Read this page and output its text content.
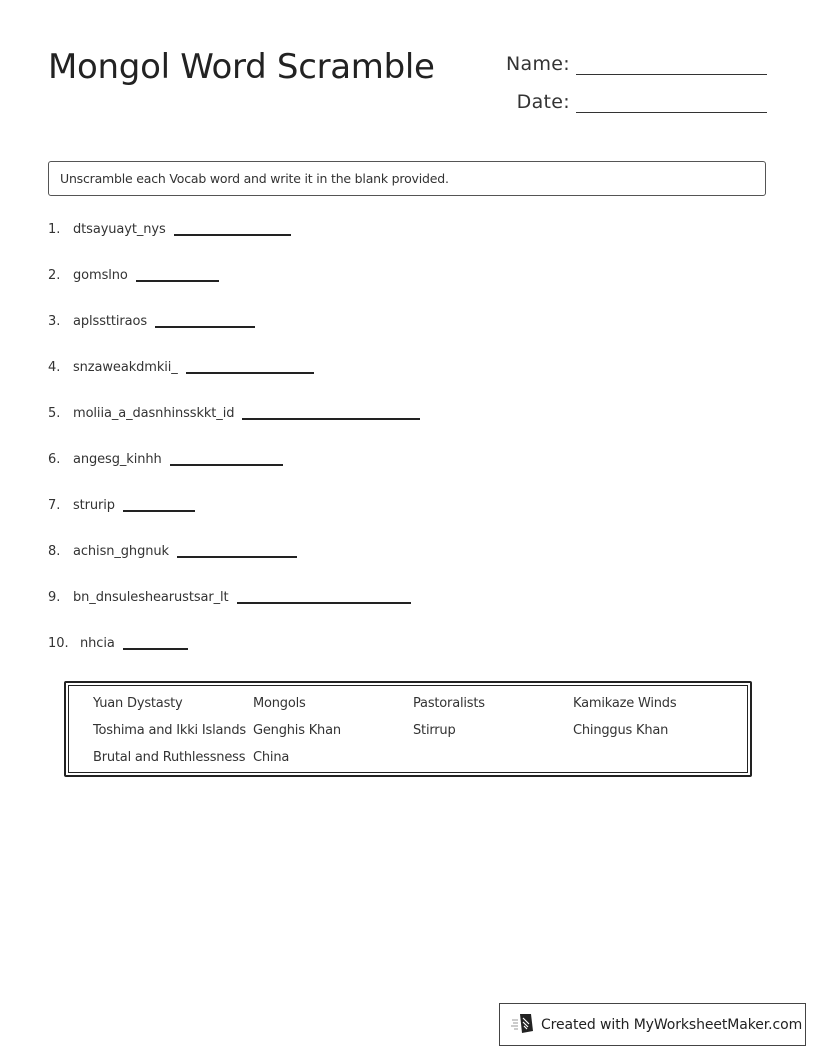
Mongol Word Scramble	Name:
Date:
Unscramble each Vocab word and write it in the blank provided.
1. dtsayuayt_nys
2. gomslno
3. aplssttiraos
4. snzaweakdmkii_
5. moliia_a_dasnhinsskkt_id
6. angesg_kinhh
7. strurip
8. achisn_ghgnuk
9. bn_dnsuleshearustsar_lt
10. nhcia
Yuan Dystasty
Toshima and Ikki Islands
Brutal and Ruthlessness
Mongols
Genghis Khan
China
Pastoralists
Stirrup
Kamikaze Winds
Chinggus Khan
Created with MyWorksheetMaker.com
